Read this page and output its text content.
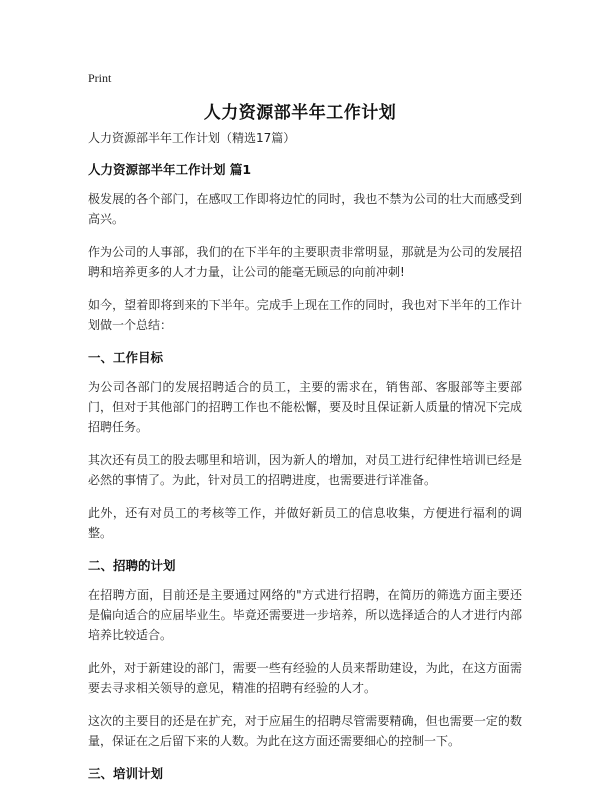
Print
人力资源部半年工作计划
人力资源部半年工作计划（精选17篇）
人力资源部半年工作计划 篇1
极发展的各个部门，在感叹工作即将边忙的同时，我也不禁为公司的壮大而感受到高兴。
作为公司的人事部，我们的在下半年的主要职责非常明显，那就是为公司的发展招聘和培养更多的人才力量，让公司的能毫无顾忌的向前冲刺!
如今，望着即将到来的下半年。完成手上现在工作的同时，我也对下半年的工作计划做一个总结：
一、工作目标
为公司各部门的发展招聘适合的员工，主要的需求在，销售部、客服部等主要部门，但对于其他部门的招聘工作也不能松懈，要及时且保证新人质量的情况下完成招聘任务。
其次还有员工的股去哪里和培训，因为新人的增加，对员工进行纪律性培训已经是必然的事情了。为此，针对员工的招聘进度，也需要进行详准备。
此外，还有对员工的考核等工作，并做好新员工的信息收集，方便进行福利的调整。
二、招聘的计划
在招聘方面，目前还是主要通过网络的"方式进行招聘，在简历的筛选方面主要还是偏向适合的应届毕业生。毕竟还需要进一步培养，所以选择适合的人才进行内部培养比较适合。
此外，对于新建设的部门，需要一些有经验的人员来帮助建设，为此，在这方面需要去寻求相关领导的意见，精准的招聘有经验的人才。
这次的主要目的还是在扩充，对于应届生的招聘尽管需要精确，但也需要一定的数量，保证在之后留下来的人数。为此在这方面还需要细心的控制一下。
三、培训计划
